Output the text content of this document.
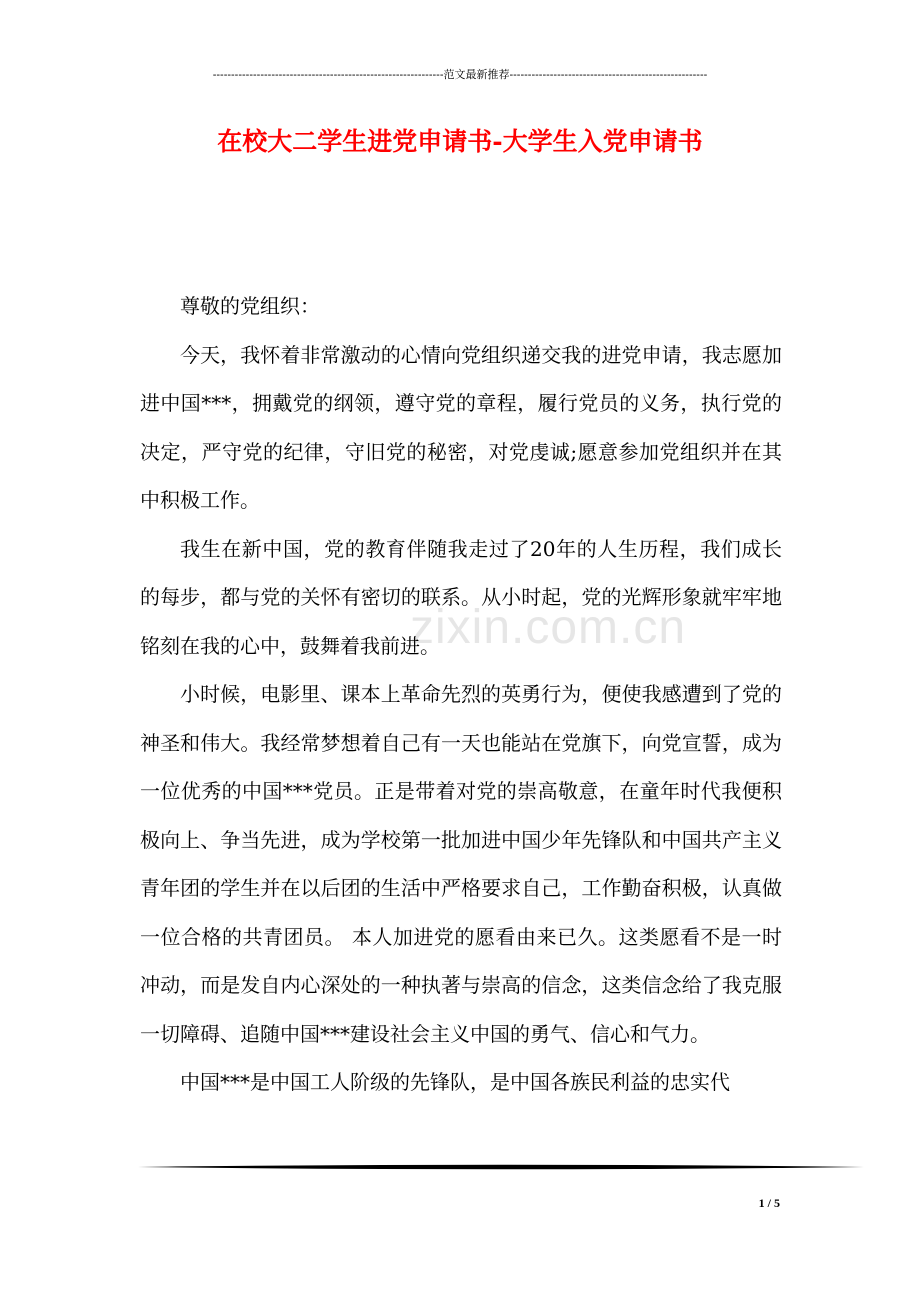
---------------------------------------------------------------范文最新推荐------------------------------------------------------
在校大二学生进党申请书-大学生入党申请书
zixin.com.cn

尊敬的党组织：

今天，我怀着非常激动的心情向党组织递交我的进党申请，我志愿加进中国***，拥戴党的纲领，遵守党的章程，履行党员的义务，执行党的决定，严守党的纪律，守旧党的秘密，对党虔诚;愿意参加党组织并在其中积极工作。

我生在新中国，党的教育伴随我走过了20年的人生历程，我们成长的每步，都与党的关怀有密切的联系。从小时起，党的光辉形象就牢牢地铭刻在我的心中，鼓舞着我前进。

小时候，电影里、课本上革命先烈的英勇行为，便使我感遭到了党的神圣和伟大。我经常梦想着自己有一天也能站在党旗下，向党宣誓，成为一位优秀的中国***党员。正是带着对党的崇高敬意，在童年时代我便积极向上、争当先进，成为学校第一批加进中国少年先锋队和中国共产主义青年团的学生并在以后团的生活中严格要求自己，工作勤奋积极，认真做一位合格的共青团员。 本人加进党的愿看由来已久。这类愿看不是一时冲动，而是发自内心深处的一种执著与崇高的信念，这类信念给了我克服一切障碍、追随中国***建设社会主义中国的勇气、信心和气力。

中国***是中国工人阶级的先锋队，是中国各族民利益的忠实代

1 / 5
